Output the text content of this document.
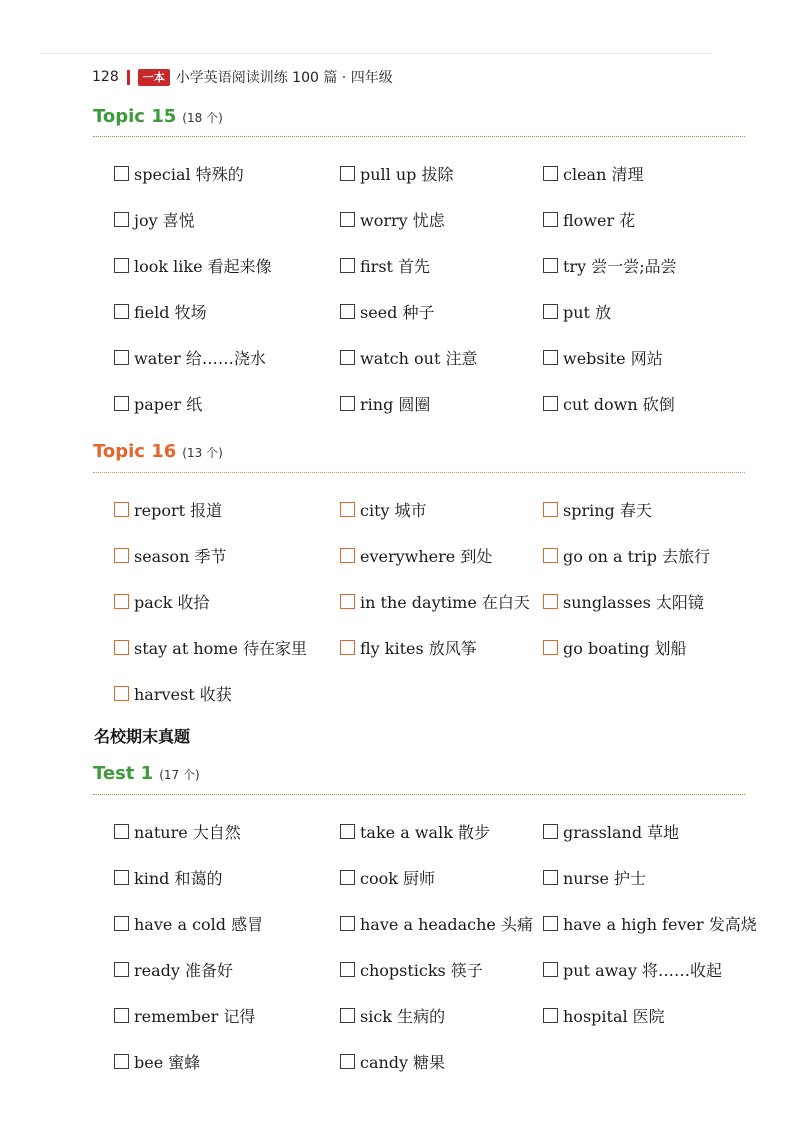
128	一本 小学英语阅读训练 100 篇 · 四年级
Topic 15 (18 个)
special 特殊的	pull up 拔除	clean 清理
joy 喜悦	worry 忧虑	flower 花
look like 看起来像	first 首先	try 尝一尝;品尝
field 牧场	seed 种子	put 放
water 给……浇水	watch out 注意	website 网站
paper 纸	ring 圆圈	cut down 砍倒
Topic 16 (13 个)
report 报道	city 城市	spring 春天
season 季节	everywhere 到处	go on a trip 去旅行
pack 收拾	in the daytime 在白天 sunglasses 太阳镜
stay at home 待在家里	fly kites 放风筝	go boating 划船
harvest 收获
名校期末真题
Test 1 (17 个)
nature 大自然	take a walk 散步	grassland 草地
kind 和蔼的	cook 厨师	nurse 护士
have a cold 感冒	have a headache 头痛 have a high fever 发高烧
ready 准备好	chopsticks 筷子	put away 将……收起
remember 记得	sick 生病的	hospital 医院
bee 蜜蜂	candy 糖果
